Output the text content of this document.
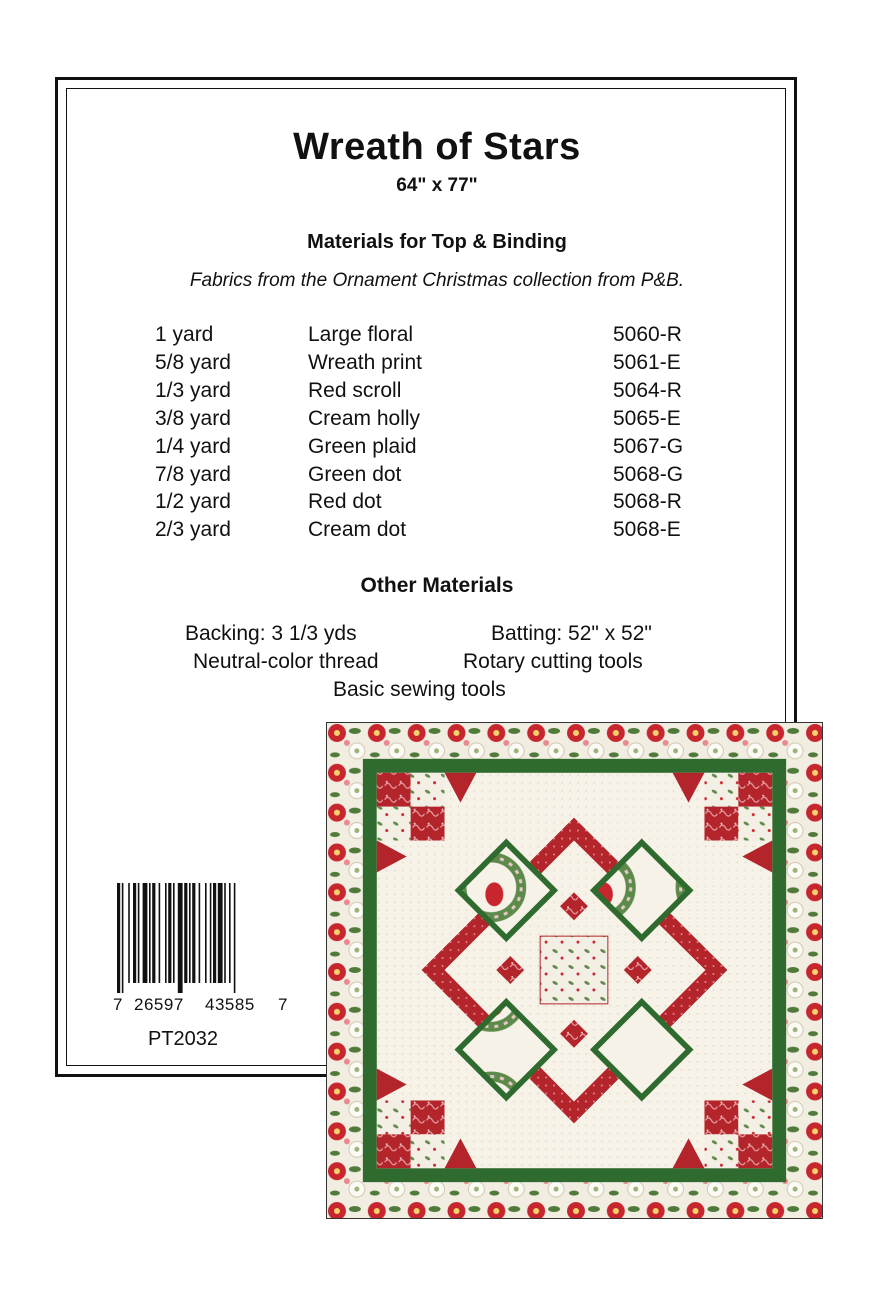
Wreath of Stars
64" x 77"
Materials for Top & Binding
Fabrics from the Ornament Christmas collection from P&B.
1 yard	Large floral	5060-R
5/8 yard	Wreath print	5061-E
1/3 yard	Red scroll	5064-R
3/8 yard	Cream holly	5065-E
1/4 yard	Green plaid	5067-G
7/8 yard	Green dot	5068-G
1/2 yard	Red dot	5068-R
2/3 yard	Cream dot	5068-E
Other Materials
Backing: 3 1/3 yds	Batting: 52" x 52"
Neutral-color thread	Rotary cutting tools
Basic sewing tools
7 26597 43585 7
PT2032
